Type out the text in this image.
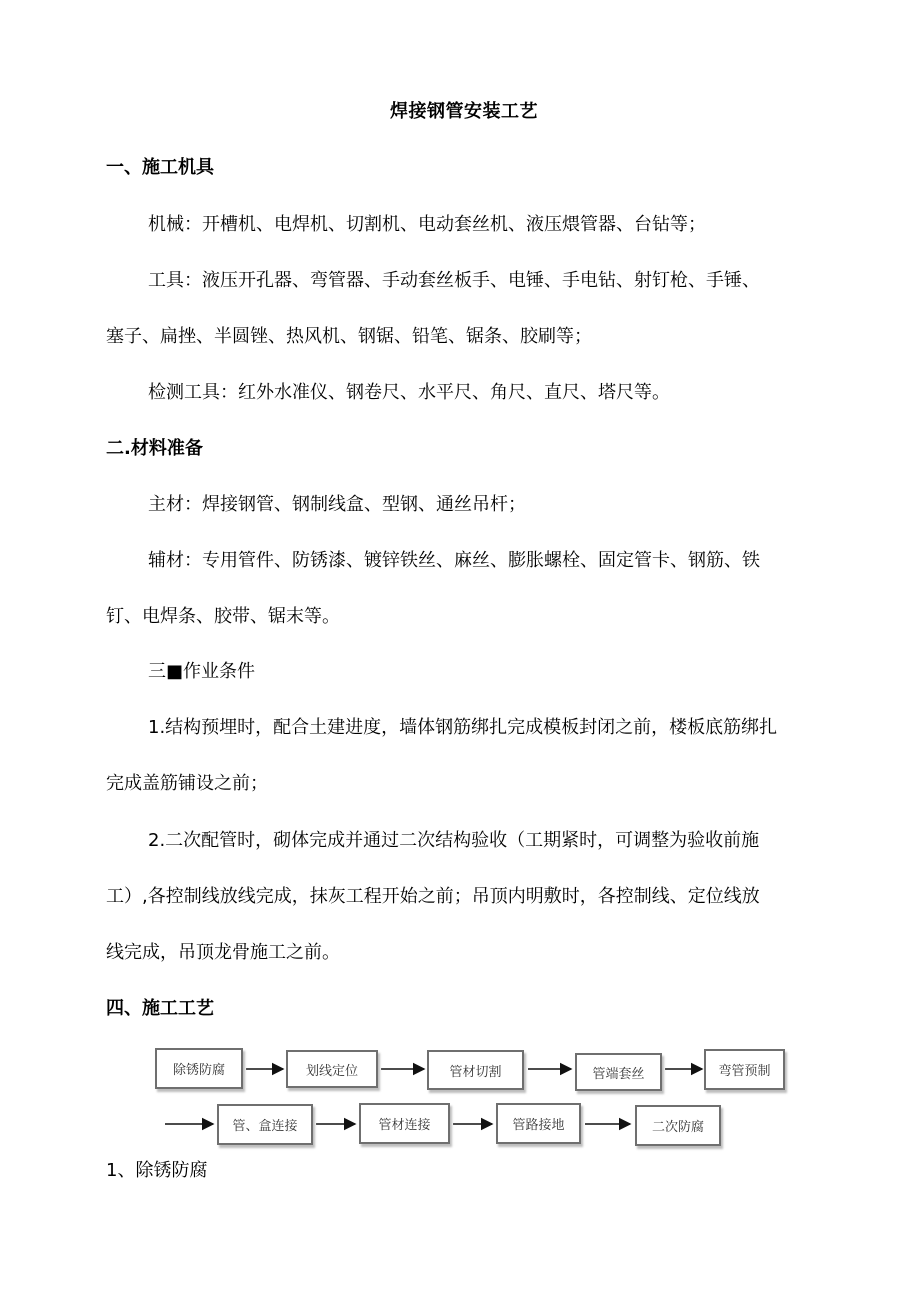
焊接钢管安装工艺
一、施工机具
机械：开槽机、电焊机、切割机、电动套丝机、液压煨管器、台钻等；
工具：液压开孔器、弯管器、手动套丝板手、电锤、手电钻、射钉枪、手锤、
塞子、扁挫、半圆锉、热风机、钢锯、铅笔、锯条、胶刷等；
检测工具：红外水准仪、钢卷尺、水平尺、角尺、直尺、塔尺等。
二.材料准备
主材：焊接钢管、钢制线盒、型钢、通丝吊杆；
辅材：专用管件、防锈漆、镀锌铁丝、麻丝、膨胀螺栓、固定管卡、钢筋、铁
钉、电焊条、胶带、锯末等。
三■作业条件
1.结构预埋时，配合土建进度，墙体钢筋绑扎完成模板封闭之前，楼板底筋绑扎
完成盖筋铺设之前；
2.二次配管时，砌体完成并通过二次结构验收（工期紧时，可调整为验收前施
工）,各控制线放线完成，抹灰工程开始之前；吊顶内明敷时，各控制线、定位线放
线完成，吊顶龙骨施工之前。
四、施工工艺
除锈防腐	划线定位	管材切割	管端套丝	弯管预制
管、盒连接	管材连接	管路接地	二次防腐
1、除锈防腐
